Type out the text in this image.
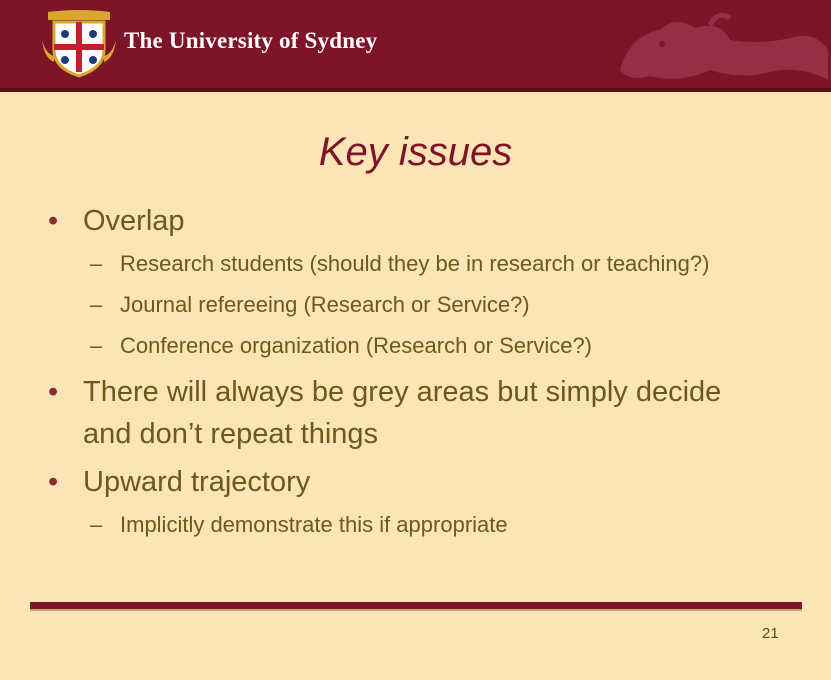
The University of Sydney
Key issues
• Overlap
– Research students (should they be in research or teaching?)
– Journal refereeing (Research or Service?)
– Conference organization (Research or Service?)
• There will always be grey areas but simply decide and don’t repeat things
• Upward trajectory
– Implicitly demonstrate this if appropriate
21
